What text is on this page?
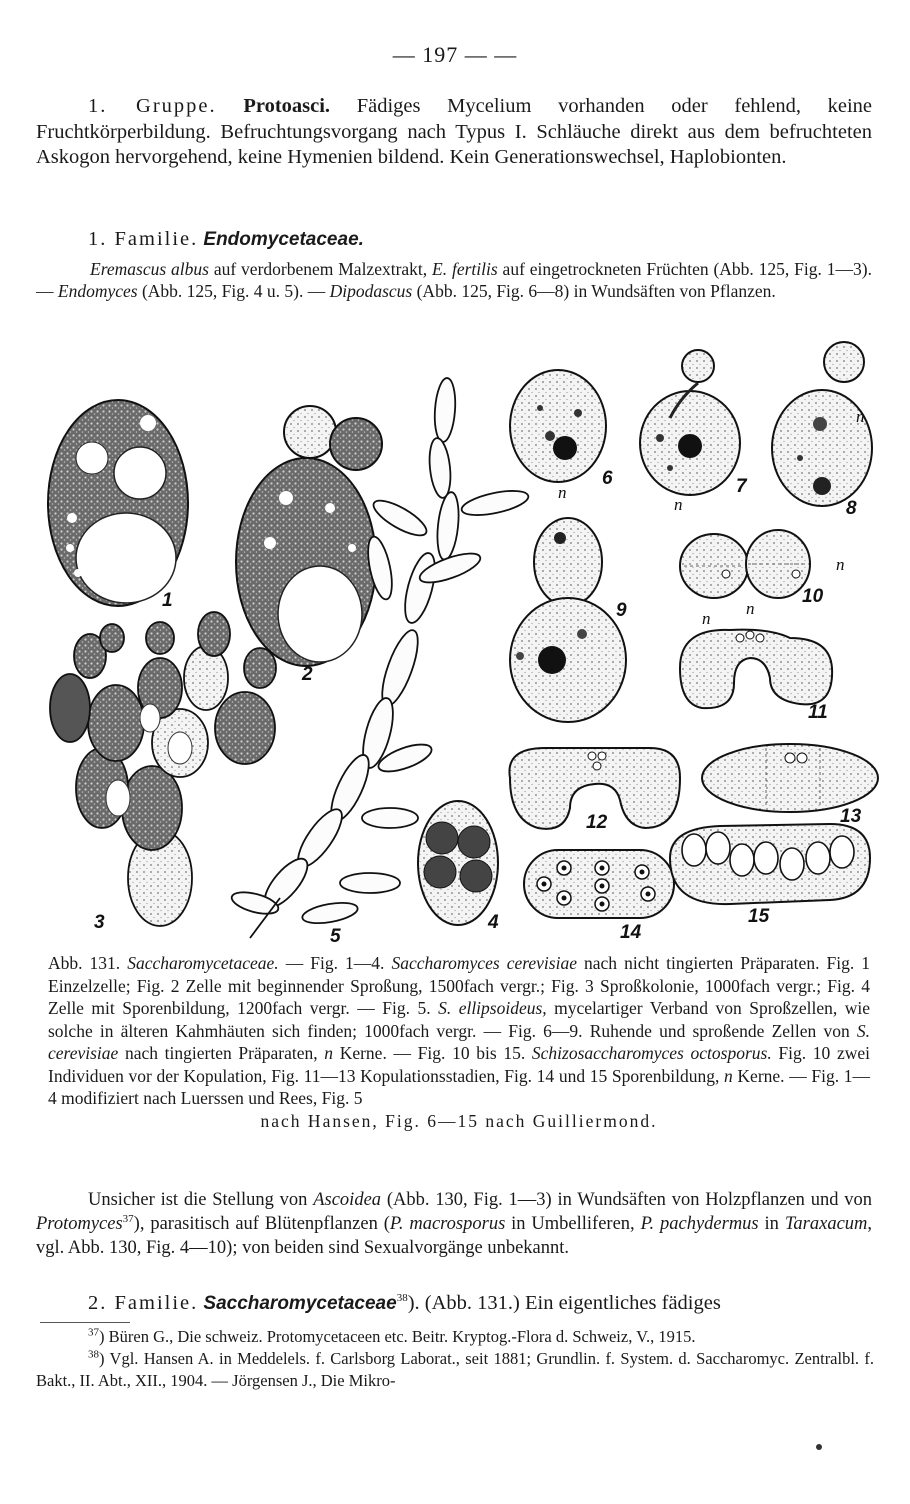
— 197 — —
1. Gruppe. Protoasci. Fädiges Mycelium vorhanden oder fehlend, keine Fruchtkörperbildung. Befruchtungsvorgang nach Typus I. Schläuche direkt aus dem befruchteten Askogon hervorgehend, keine Hymenien bildend. Kein Generationswechsel, Haplobionten.
1. Familie. Endomycetaceae.
Eremascus albus auf verdorbenem Malzextrakt, E. fertilis auf eingetrockneten Früchten (Abb. 125, Fig. 1—3). — Endomyces (Abb. 125, Fig. 4 u. 5). — Dipodascus (Abb. 125, Fig. 6—8) in Wundsäften von Pflanzen.
1
2
3	4
5
6	7
8
9
10
11
12	13
14
15
n
n
n
n
n
n
Abb. 131. Saccharomycetaceae. — Fig. 1—4. Saccharomyces cerevisiae nach nicht tingierten Präparaten. Fig. 1 Einzelzelle; Fig. 2 Zelle mit beginnender Sproßung, 1500fach vergr.; Fig. 3 Sproßkolonie, 1000fach vergr.; Fig. 4 Zelle mit Sporenbildung, 1200fach vergr. — Fig. 5. S. ellipsoideus, mycelartiger Verband von Sproßzellen, wie solche in älteren Kahmhäuten sich finden; 1000fach vergr. — Fig. 6—9. Ruhende und sproßende Zellen von S. cerevisiae nach tingierten Präparaten, n Kerne. — Fig. 10 bis 15. Schizosaccharomyces octosporus. Fig. 10 zwei Individuen vor der Kopulation, Fig. 11—13 Kopulationsstadien, Fig. 14 und 15 Sporenbildung, n Kerne. — Fig. 1—4 modifiziert nach Luerssen und Rees, Fig. 5
nach Hansen, Fig. 6—15 nach Guilliermond.
Unsicher ist die Stellung von Ascoidea (Abb. 130, Fig. 1—3) in Wundsäften von Holzpflanzen und von Protomyces$^{37}$), parasitisch auf Blütenpflanzen (P. macrosporus in Umbelliferen, P. pachydermus in Taraxacum, vgl. Abb. 130, Fig. 4—10); von beiden sind Sexualvorgänge unbekannt.
2. Familie. Saccharomycetaceae$^{38}$). (Abb. 131.) Ein eigentliches fädiges
$^{37}$) Büren G., Die schweiz. Protomycetaceen etc. Beitr. Kryptog.-Flora d. Schweiz, V., 1915.
$^{38}$) Vgl. Hansen A. in Meddelels. f. Carlsborg Laborat., seit 1881; Grundlin. f. System. d. Saccharomyc. Zentralbl. f. Bakt., II. Abt., XII., 1904. — Jörgensen J., Die Mikro-
